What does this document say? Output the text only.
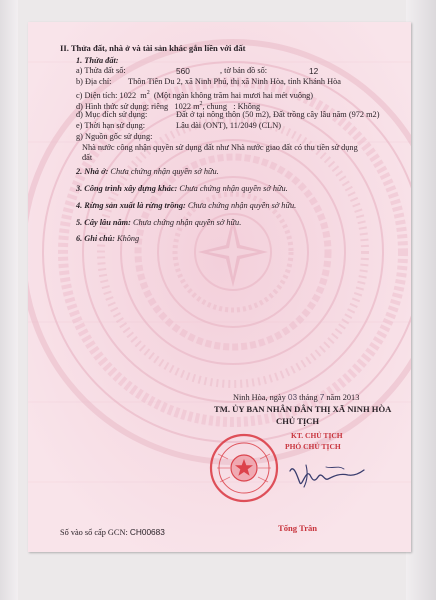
II. Thửa đất, nhà ở và tài sản khác gắn liền với đất
1. Thửa đất:
a) Thửa đất số:	560	, tờ bản đồ số:	12
b) Địa chỉ: Thôn Tiên Du 2, xã Ninh Phú, thị xã Ninh Hòa, tỉnh Khánh Hòa
c) Diện tích: 1022 $m^2$ (Một ngàn không trăm hai mươi hai mét vuông)
d) Hình thức sử dụng: riêng 1022 $m^2$, chung : Không
đ) Mục đích sử dụng:	Đất ở tại nông thôn (50 m2), Đất trồng cây lâu năm (972 m2)
e) Thời hạn sử dụng:	Lâu dài (ONT), 11/2049 (CLN)
g) Nguồn gốc sử dụng:
Nhà nước công nhận quyền sử dụng đất như Nhà nước giao đất có thu tiền sử dụng
đất
2. Nhà ở: Chưa chứng nhận quyền sở hữu.
3. Công trình xây dựng khác: Chưa chứng nhận quyền sở hữu.
4. Rừng sản xuất là rừng trồng: Chưa chứng nhận quyền sở hữu.
5. Cây lâu năm: Chưa chứng nhận quyền sở hữu.
6. Ghi chú: Không
Ninh Hòa, ngày 03 tháng 7 năm 2013
TM. ỦY BAN NHÂN DÂN THỊ XÃ NINH HÒA
CHỦ TỊCH
KT. CHỦ TỊCH
PHÓ CHỦ TỊCH
Tống Trân
Số vào sổ cấp GCN: CH00683
